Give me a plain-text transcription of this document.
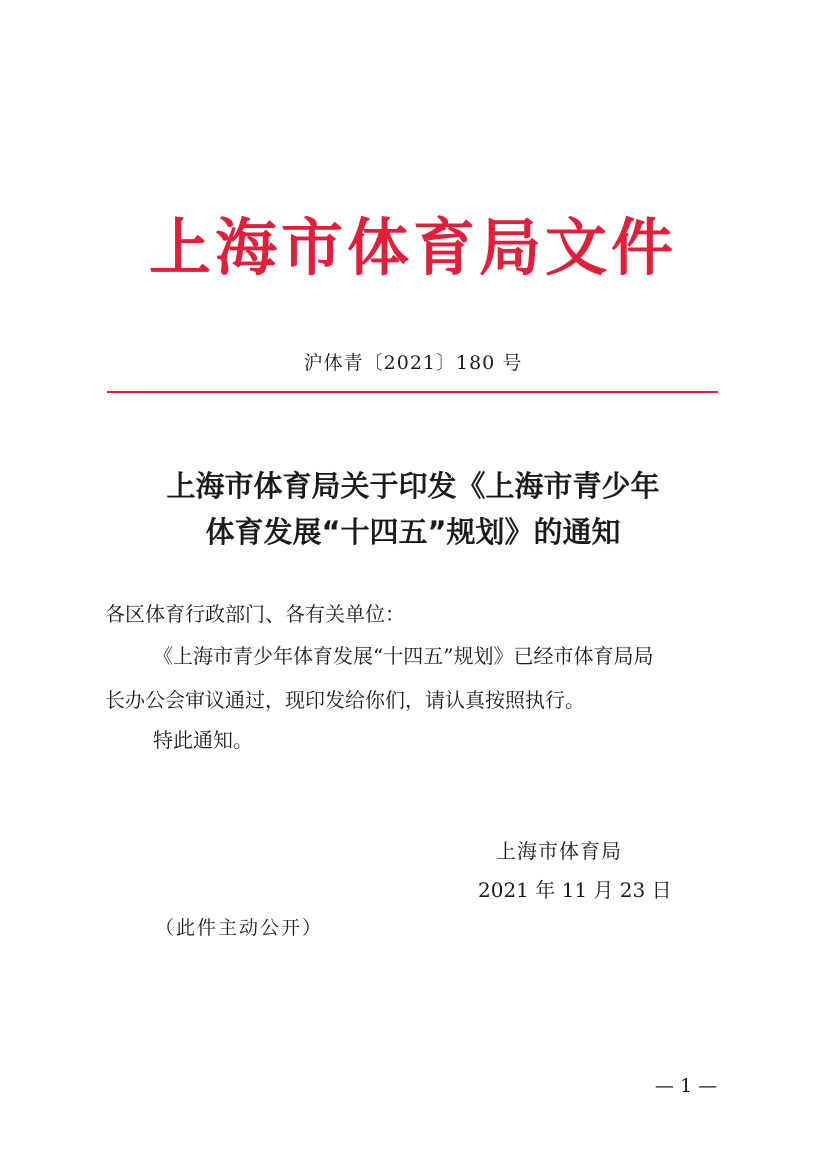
上海市体育局文件
沪体青〔2021〕180 号
上海市体育局关于印发《上海市青少年
体育发展“十四五”规划》的通知
各区体育行政部门、各有关单位：
《上海市青少年体育发展“十四五”规划》已经市体育局局
长办公会审议通过，现印发给你们，请认真按照执行。
特此通知。
上海市体育局
2021 年 11 月 23 日
（此件主动公开）
— 1 —
